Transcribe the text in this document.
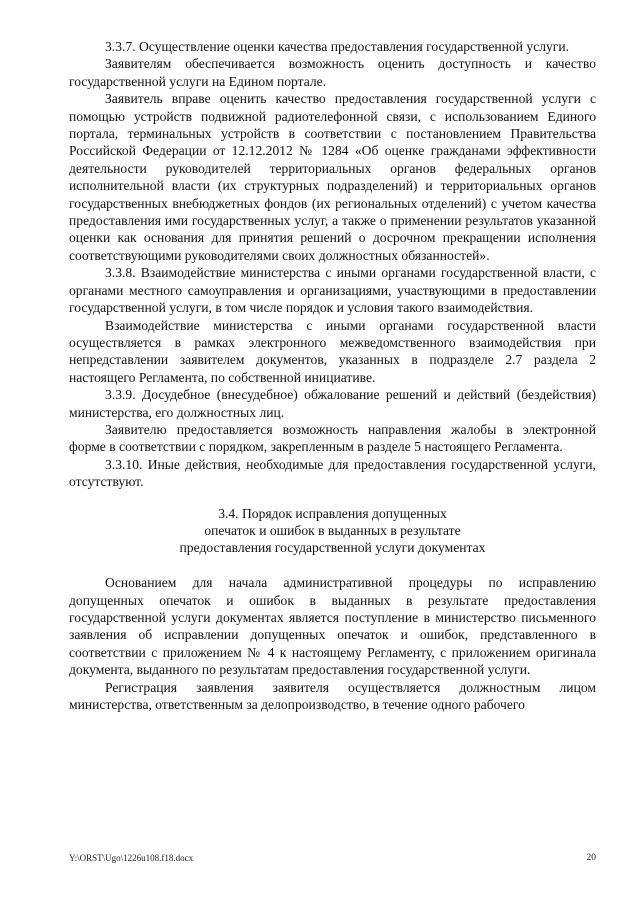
3.3.7. Осуществление оценки качества предоставления государственной услуги.

Заявителям обеспечивается возможность оценить доступность и качество государственной услуги на Едином портале.

Заявитель вправе оценить качество предоставления государственной услуги с помощью устройств подвижной радиотелефонной связи, с использованием Единого портала, терминальных устройств в соответствии с постановлением Правительства Российской Федерации от 12.12.2012 № 1284 «Об оценке гражданами эффективности деятельности руководителей территориальных органов федеральных органов исполнительной власти (их структурных подразделений) и территориальных органов государственных внебюджетных фондов (их региональных отделений) с учетом качества предоставления ими государственных услуг, а также о применении результатов указанной оценки как основания для принятия решений о досрочном прекращении исполнения соответствующими руководителями своих должностных обязанностей».

3.3.8. Взаимодействие министерства с иными органами государственной власти, с органами местного самоуправления и организациями, участвующими в предоставлении государственной услуги, в том числе порядок и условия такого взаимодействия.

Взаимодействие министерства с иными органами государственной власти осуществляется в рамках электронного межведомственного взаимодействия при непредставлении заявителем документов, указанных в подразделе 2.7 раздела 2 настоящего Регламента, по собственной инициативе.

3.3.9. Досудебное (внесудебное) обжалование решений и действий (бездействия) министерства, его должностных лиц.

Заявителю предоставляется возможность направления жалобы в электронной форме в соответствии с порядком, закрепленным в разделе 5 настоящего Регламента.

3.3.10. Иные действия, необходимые для предоставления государственной услуги, отсутствуют.

3.4. Порядок исправления допущенных
опечаток и ошибок в выданных в результате
предоставления государственной услуги документах

Основанием для начала административной процедуры по исправлению допущенных опечаток и ошибок в выданных в результате предоставления государственной услуги документах является поступление в министерство письменного заявления об исправлении допущенных опечаток и ошибок, представленного в соответствии с приложением № 4 к настоящему Регламенту, с приложением оригинала документа, выданного по результатам предоставления государственной услуги.

Регистрация заявления заявителя осуществляется должностным лицом министерства, ответственным за делопроизводство, в течение одного рабочего

Y:\ORST\Ugo\1226u108.f18.docx	20
